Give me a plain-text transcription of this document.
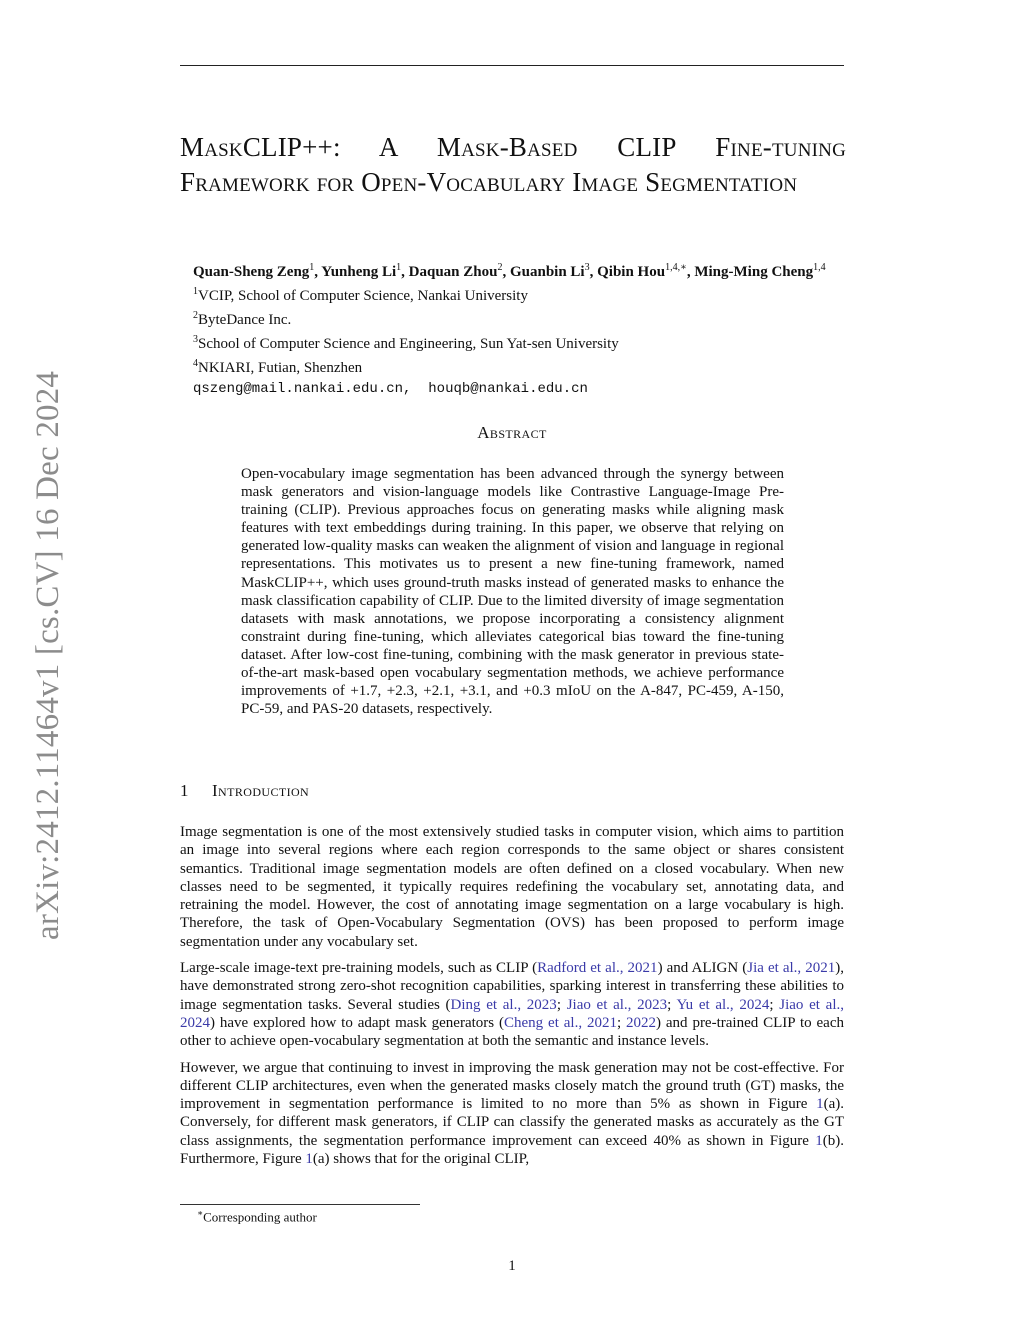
arXiv:2412.11464v1 [cs.CV] 16 Dec 2024
MaskCLIP++: A Mask-Based CLIP Fine-tuning Framework for Open-Vocabulary Image Segmentation
Quan-Sheng Zeng$^1$, Yunheng Li$^1$, Daquan Zhou$^2$, Guanbin Li$^3$, Qibin Hou$^{1,4,∗}$, Ming-Ming Cheng$^{1,4}$
$^1$VCIP, School of Computer Science, Nankai University
$^2$ByteDance Inc.
$^3$School of Computer Science and Engineering, Sun Yat-sen University
$^4$NKIARI, Futian, Shenzhen
qszeng@mail.nankai.edu.cn,  houqb@nankai.edu.cn
Abstract
Open-vocabulary image segmentation has been advanced through the synergy between mask generators and vision-language models like Contrastive Language-Image Pre-training (CLIP). Previous approaches focus on generating masks while aligning mask features with text embeddings during training. In this paper, we observe that relying on generated low-quality masks can weaken the alignment of vision and language in regional representations. This motivates us to present a new fine-tuning framework, named MaskCLIP++, which uses ground-truth masks instead of generated masks to enhance the mask classification capability of CLIP. Due to the limited diversity of image segmentation datasets with mask annotations, we propose incorporating a consistency alignment constraint during fine-tuning, which alleviates categorical bias toward the fine-tuning dataset. After low-cost fine-tuning, combining with the mask generator in previous state-of-the-art mask-based open vocabulary segmentation methods, we achieve performance improvements of +1.7, +2.3, +2.1, +3.1, and +0.3 mIoU on the A-847, PC-459, A-150, PC-59, and PAS-20 datasets, respectively.
1 Introduction

Image segmentation is one of the most extensively studied tasks in computer vision, which aims to partition an image into several regions where each region corresponds to the same object or shares consistent semantics. Traditional image segmentation models are often defined on a closed vocabulary. When new classes need to be segmented, it typically requires redefining the vocabulary set, annotating data, and retraining the model. However, the cost of annotating image segmentation on a large vocabulary is high. Therefore, the task of Open-Vocabulary Segmentation (OVS) has been proposed to perform image segmentation under any vocabulary set.

Large-scale image-text pre-training models, such as CLIP (Radford et al., 2021) and ALIGN (Jia et al., 2021), have demonstrated strong zero-shot recognition capabilities, sparking interest in transferring these abilities to image segmentation tasks. Several studies (Ding et al., 2023; Jiao et al., 2023; Yu et al., 2024; Jiao et al., 2024) have explored how to adapt mask generators (Cheng et al., 2021; 2022) and pre-trained CLIP to each other to achieve open-vocabulary segmentation at both the semantic and instance levels.

However, we argue that continuing to invest in improving the mask generation may not be cost-effective. For different CLIP architectures, even when the generated masks closely match the ground truth (GT) masks, the improvement in segmentation performance is limited to no more than 5% as shown in Figure 1(a). Conversely, for different mask generators, if CLIP can classify the generated masks as accurately as the GT class assignments, the segmentation performance improvement can exceed 40% as shown in Figure 1(b). Furthermore, Figure 1(a) shows that for the original CLIP,

∗Corresponding author
1
